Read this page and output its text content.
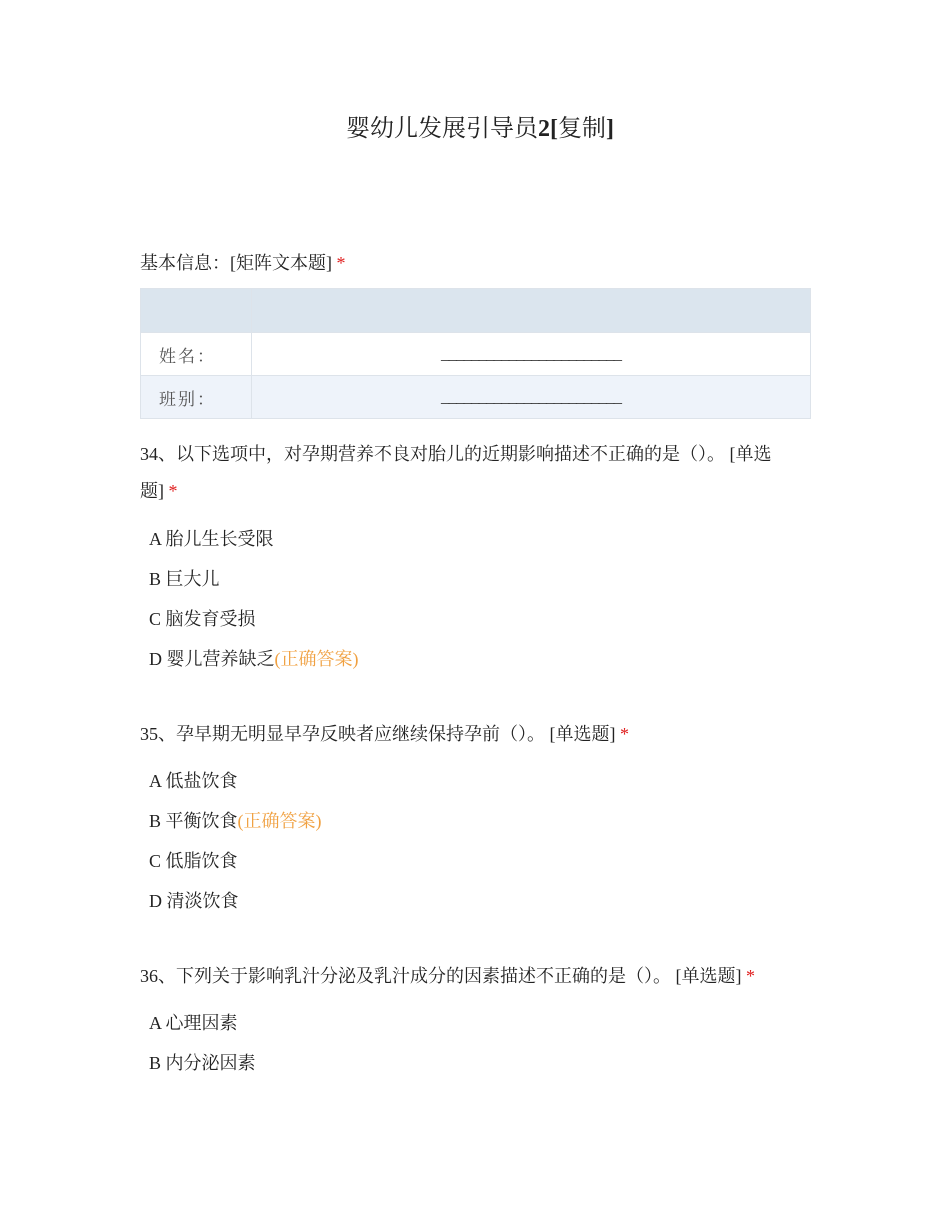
婴幼儿发展引导员2[复制]
基本信息：[矩阵文本题] *

姓名：	________________________
班别：	________________________
34、以下选项中，对孕期营养不良对胎儿的近期影响描述不正确的是（）。 [单选
题] *
A 胎儿生长受限
B 巨大儿
C 脑发育受损
D 婴儿营养缺乏(正确答案)
35、孕早期无明显早孕反映者应继续保持孕前（）。 [单选题] *
A 低盐饮食
B 平衡饮食(正确答案)
C 低脂饮食
D 清淡饮食
36、下列关于影响乳汁分泌及乳汁成分的因素描述不正确的是（）。 [单选题] *
A 心理因素
B 内分泌因素
